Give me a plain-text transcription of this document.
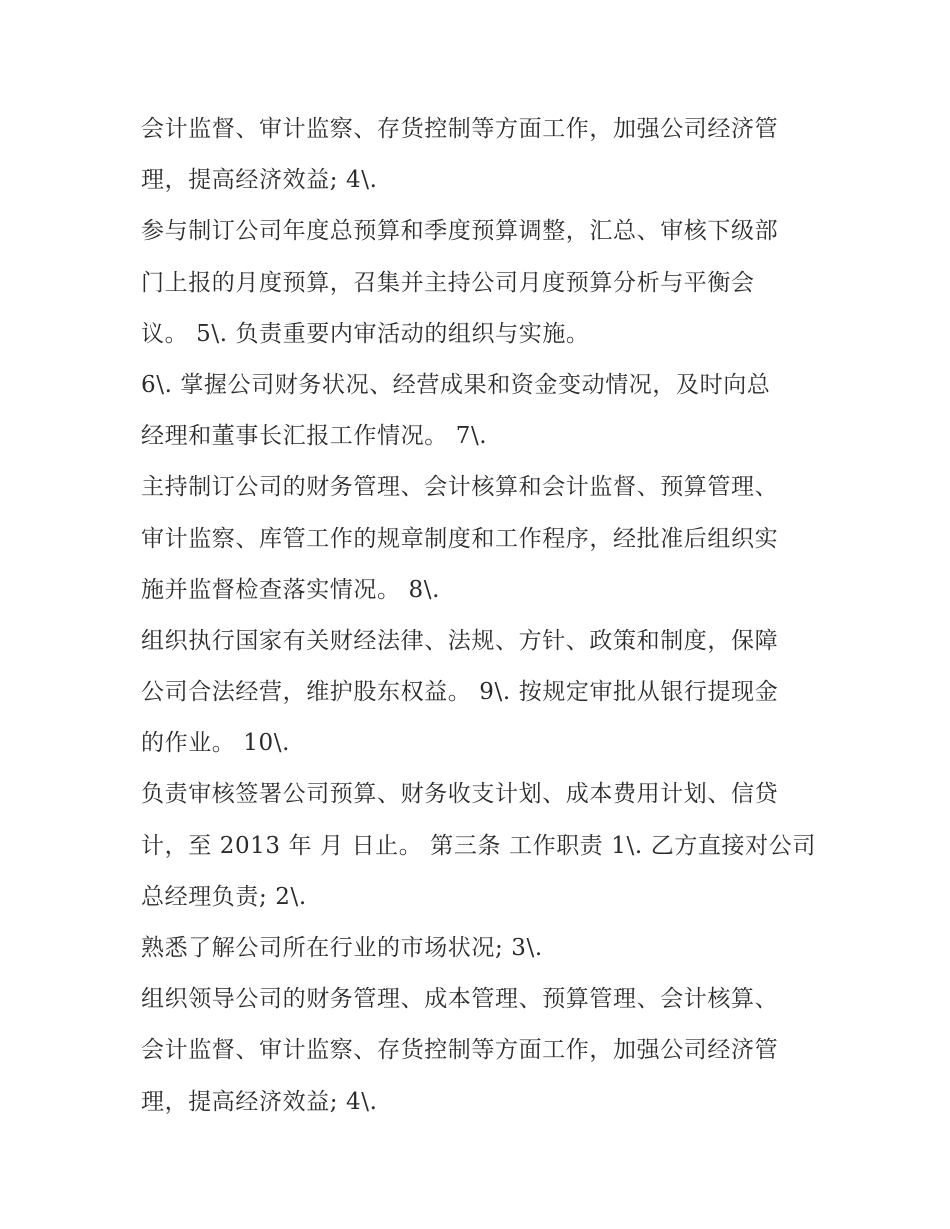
会计监督、审计监察、存货控制等方面工作，加强公司经济管
理，提高经济效益; 4\.
参与制订公司年度总预算和季度预算调整，汇总、审核下级部
门上报的月度预算，召集并主持公司月度预算分析与平衡会
议。 5\. 负责重要内审活动的组织与实施。
6\. 掌握公司财务状况、经营成果和资金变动情况，及时向总
经理和董事长汇报工作情况。 7\.
主持制订公司的财务管理、会计核算和会计监督、预算管理、
审计监察、库管工作的规章制度和工作程序，经批准后组织实
施并监督检查落实情况。 8\.
组织执行国家有关财经法律、法规、方针、政策和制度，保障
公司合法经营，维护股东权益。 9\. 按规定审批从银行提现金
的作业。 10\.
负责审核签署公司预算、财务收支计划、成本费用计划、信贷
计，至 2013 年 月 日止。 第三条 工作职责 1\. 乙方直接对公司
总经理负责; 2\.
熟悉了解公司所在行业的市场状况; 3\.
组织领导公司的财务管理、成本管理、预算管理、会计核算、
会计监督、审计监察、存货控制等方面工作，加强公司经济管
理，提高经济效益; 4\.
